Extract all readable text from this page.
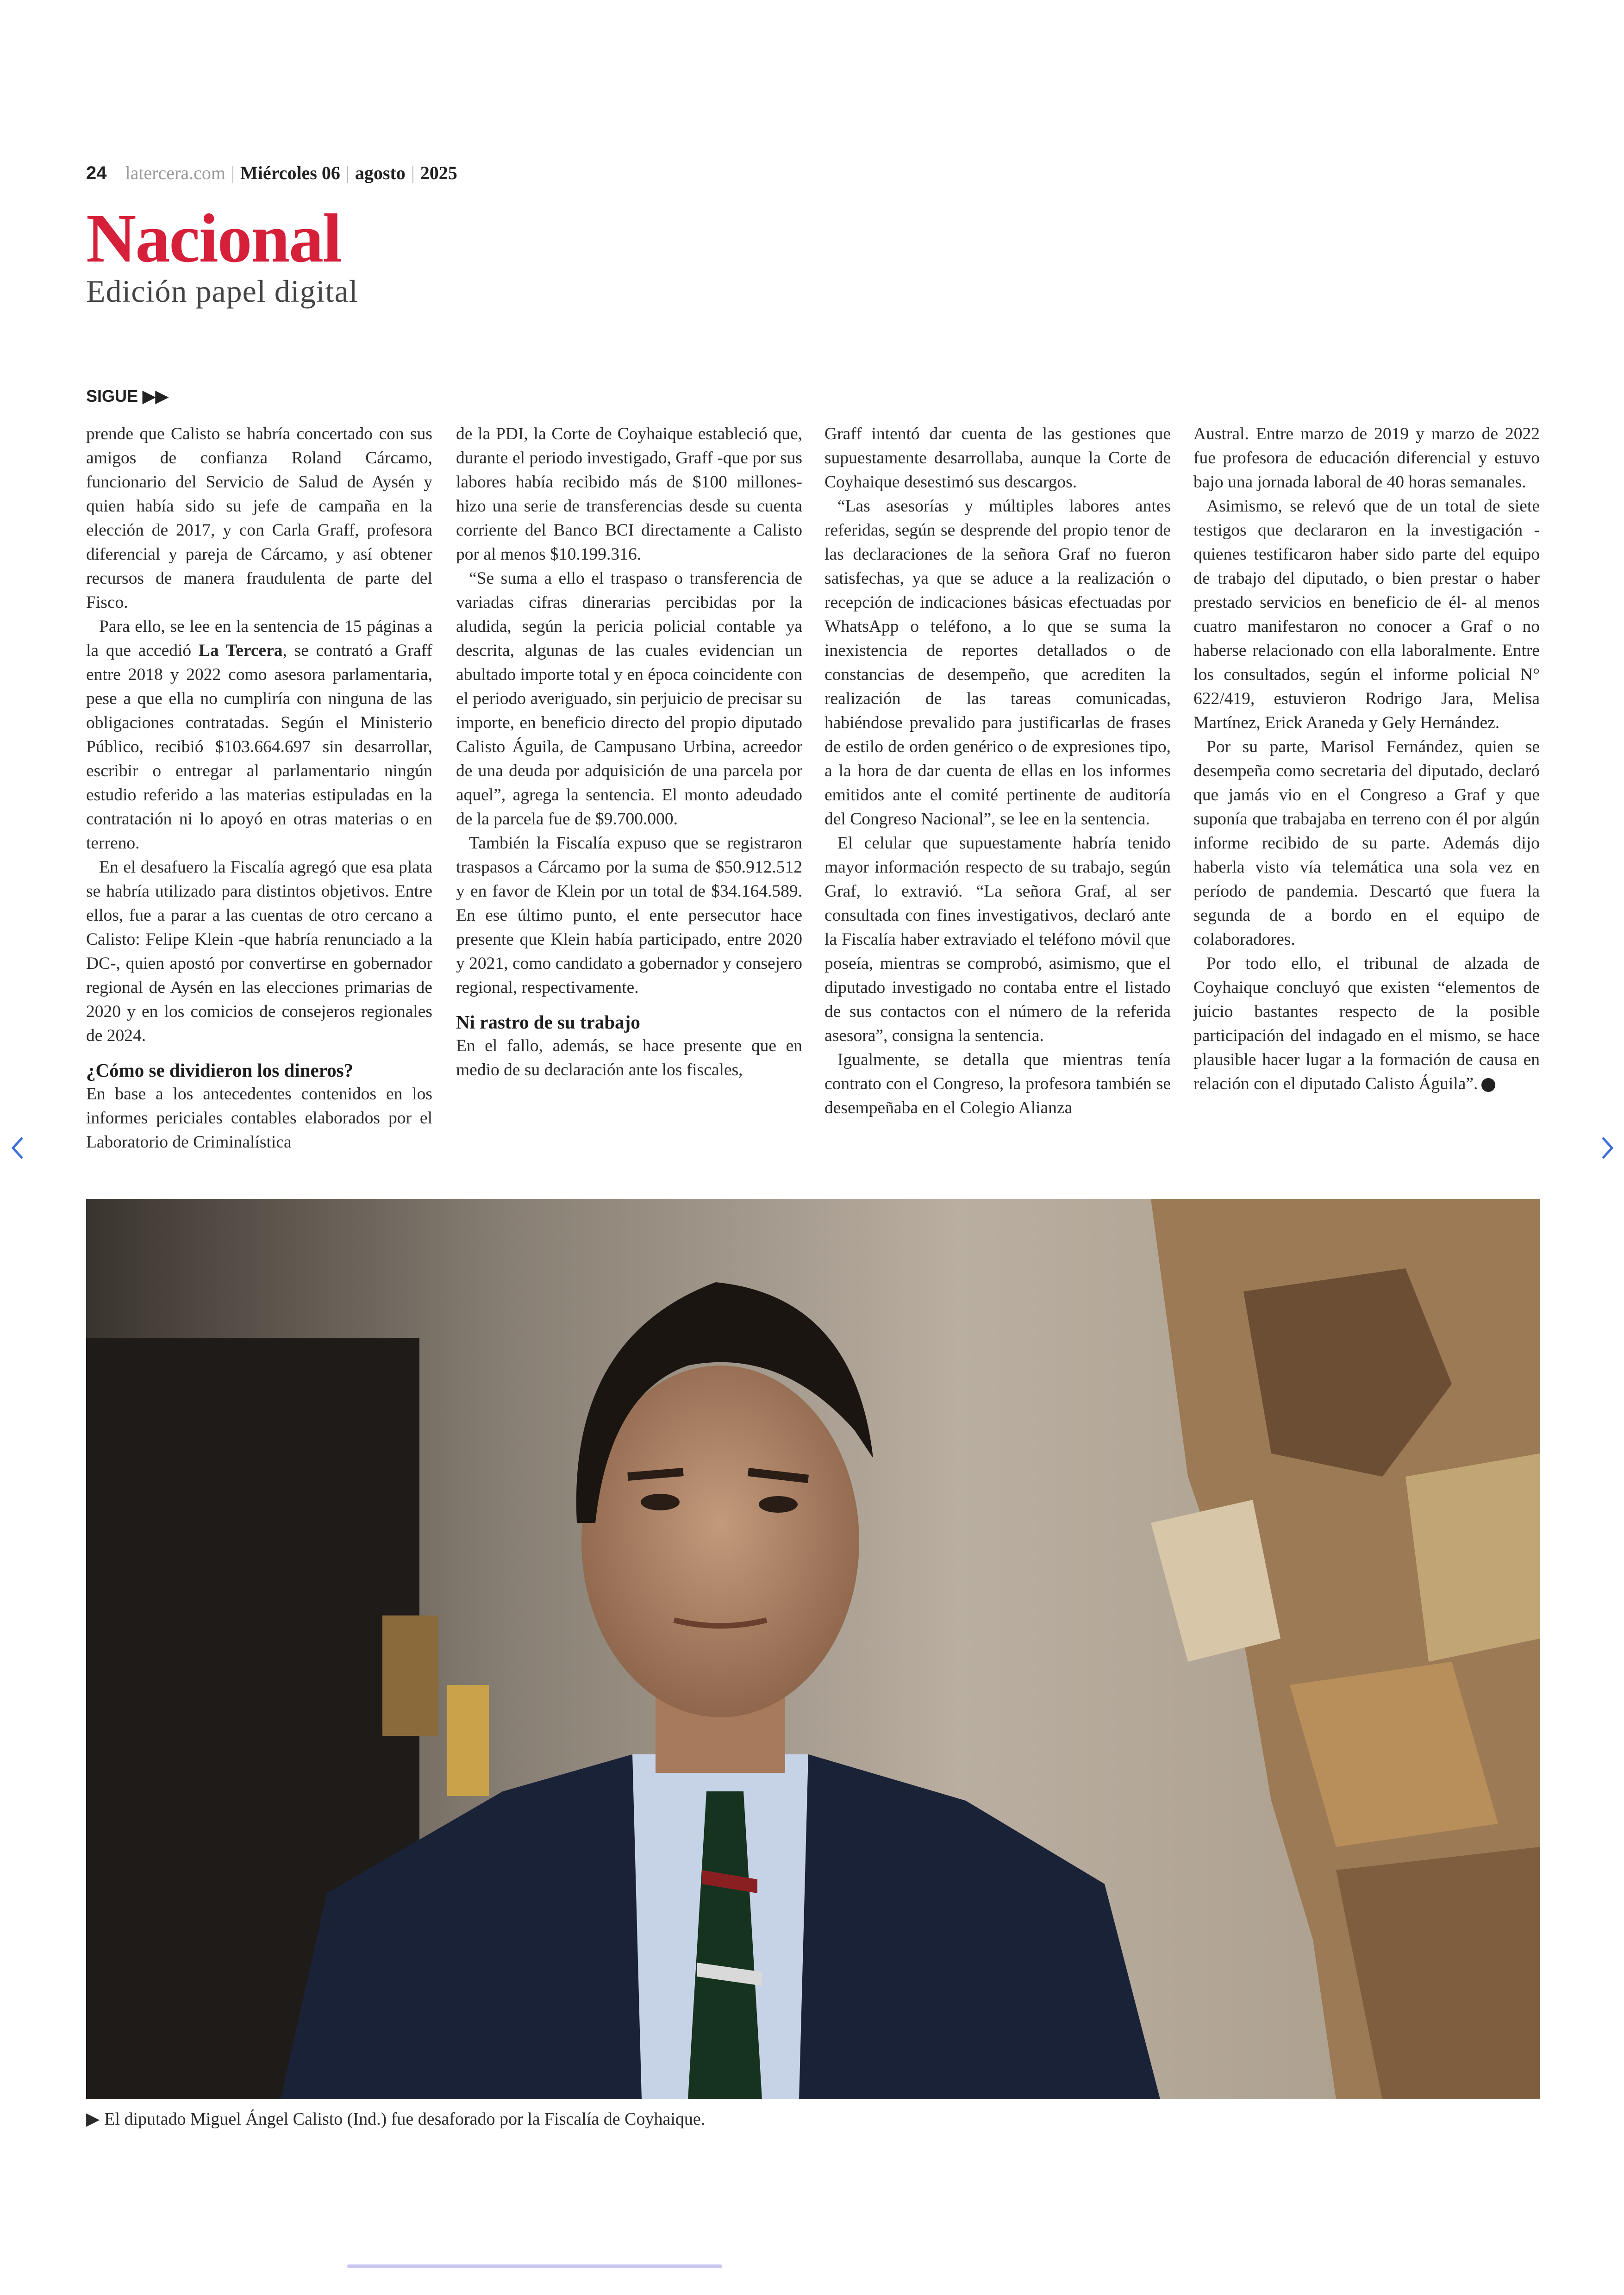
24 latercera.com | Miércoles 06 | agosto | 2025
Nacional
Edición papel digital
SIGUE ▶▶

prende que Calisto se habría concertado con sus amigos de confianza Roland Cárcamo, funcionario del Servicio de Salud de Aysén y quien había sido su jefe de campaña en la elección de 2017, y con Carla Graff, profesora diferencial y pareja de Cárcamo, y así obtener recursos de manera fraudulenta de parte del Fisco.

Para ello, se lee en la sentencia de 15 páginas a la que accedió La Tercera, se contrató a Graff entre 2018 y 2022 como asesora parlamentaria, pese a que ella no cumpliría con ninguna de las obligaciones contratadas. Según el Ministerio Público, recibió $103.664.697 sin desarrollar, escribir o entregar al parlamentario ningún estudio referido a las materias estipuladas en la contratación ni lo apoyó en otras materias o en terreno.

En el desafuero la Fiscalía agregó que esa plata se habría utilizado para distintos objetivos. Entre ellos, fue a parar a las cuentas de otro cercano a Calisto: Felipe Klein -que habría renunciado a la DC-, quien apostó por convertirse en gobernador regional de Aysén en las elecciones primarias de 2020 y en los comicios de consejeros regionales de 2024.

¿Cómo se dividieron los dineros?

En base a los antecedentes contenidos en los informes periciales contables elaborados por el Laboratorio de Criminalística

de la PDI, la Corte de Coyhaique estableció que, durante el periodo investigado, Graff -que por sus labores había recibido más de $100 millones- hizo una serie de transferencias desde su cuenta corriente del Banco BCI directamente a Calisto por al menos $10.199.316.

“Se suma a ello el traspaso o transferencia de variadas cifras dinerarias percibidas por la aludida, según la pericia policial contable ya descrita, algunas de las cuales evidencian un abultado importe total y en época coincidente con el periodo averiguado, sin perjuicio de precisar su importe, en beneficio directo del propio diputado Calisto Águila, de Campusano Urbina, acreedor de una deuda por adquisición de una parcela por aquel”, agrega la sentencia. El monto adeudado de la parcela fue de $9.700.000.

También la Fiscalía expuso que se registraron traspasos a Cárcamo por la suma de $50.912.512 y en favor de Klein por un total de $34.164.589. En ese último punto, el ente persecutor hace presente que Klein había participado, entre 2020 y 2021, como candidato a gobernador y consejero regional, respectivamente.

Ni rastro de su trabajo

En el fallo, además, se hace presente que en medio de su declaración ante los fiscales,

Graff intentó dar cuenta de las gestiones que supuestamente desarrollaba, aunque la Corte de Coyhaique desestimó sus descargos.

“Las asesorías y múltiples labores antes referidas, según se desprende del propio tenor de las declaraciones de la señora Graf no fueron satisfechas, ya que se aduce a la realización o recepción de indicaciones básicas efectuadas por WhatsApp o teléfono, a lo que se suma la inexistencia de reportes detallados o de constancias de desempeño, que acrediten la realización de las tareas comunicadas, habiéndose prevalido para justificarlas de frases de estilo de orden genérico o de expresiones tipo, a la hora de dar cuenta de ellas en los informes emitidos ante el comité pertinente de auditoría del Congreso Nacional”, se lee en la sentencia.

El celular que supuestamente habría tenido mayor información respecto de su trabajo, según Graf, lo extravió. “La señora Graf, al ser consultada con fines investigativos, declaró ante la Fiscalía haber extraviado el teléfono móvil que poseía, mientras se comprobó, asimismo, que el diputado investigado no contaba entre el listado de sus contactos con el número de la referida asesora”, consigna la sentencia.

Igualmente, se detalla que mientras tenía contrato con el Congreso, la profesora también se desempeñaba en el Colegio Alianza

Austral. Entre marzo de 2019 y marzo de 2022 fue profesora de educación diferencial y estuvo bajo una jornada laboral de 40 horas semanales.

Asimismo, se relevó que de un total de siete testigos que declararon en la investigación -quienes testificaron haber sido parte del equipo de trabajo del diputado, o bien prestar o haber prestado servicios en beneficio de él- al menos cuatro manifestaron no conocer a Graf o no haberse relacionado con ella laboralmente. Entre los consultados, según el informe policial N° 622/419, estuvieron Rodrigo Jara, Melisa Martínez, Erick Araneda y Gely Hernández.

Por su parte, Marisol Fernández, quien se desempeña como secretaria del diputado, declaró que jamás vio en el Congreso a Graf y que suponía que trabajaba en terreno con él por algún informe recibido de su parte. Además dijo haberla visto vía telemática una sola vez en período de pandemia. Descartó que fuera la segunda de a bordo en el equipo de colaboradores.

Por todo ello, el tribunal de alzada de Coyhaique concluyó que existen “elementos de juicio bastantes respecto de la posible participación del indagado en el mismo, se hace plausible hacer lugar a la formación de causa en relación con el diputado Calisto Águila”.

▶ El diputado Miguel Ángel Calisto (Ind.) fue desaforado por la Fiscalía de Coyhaique.
